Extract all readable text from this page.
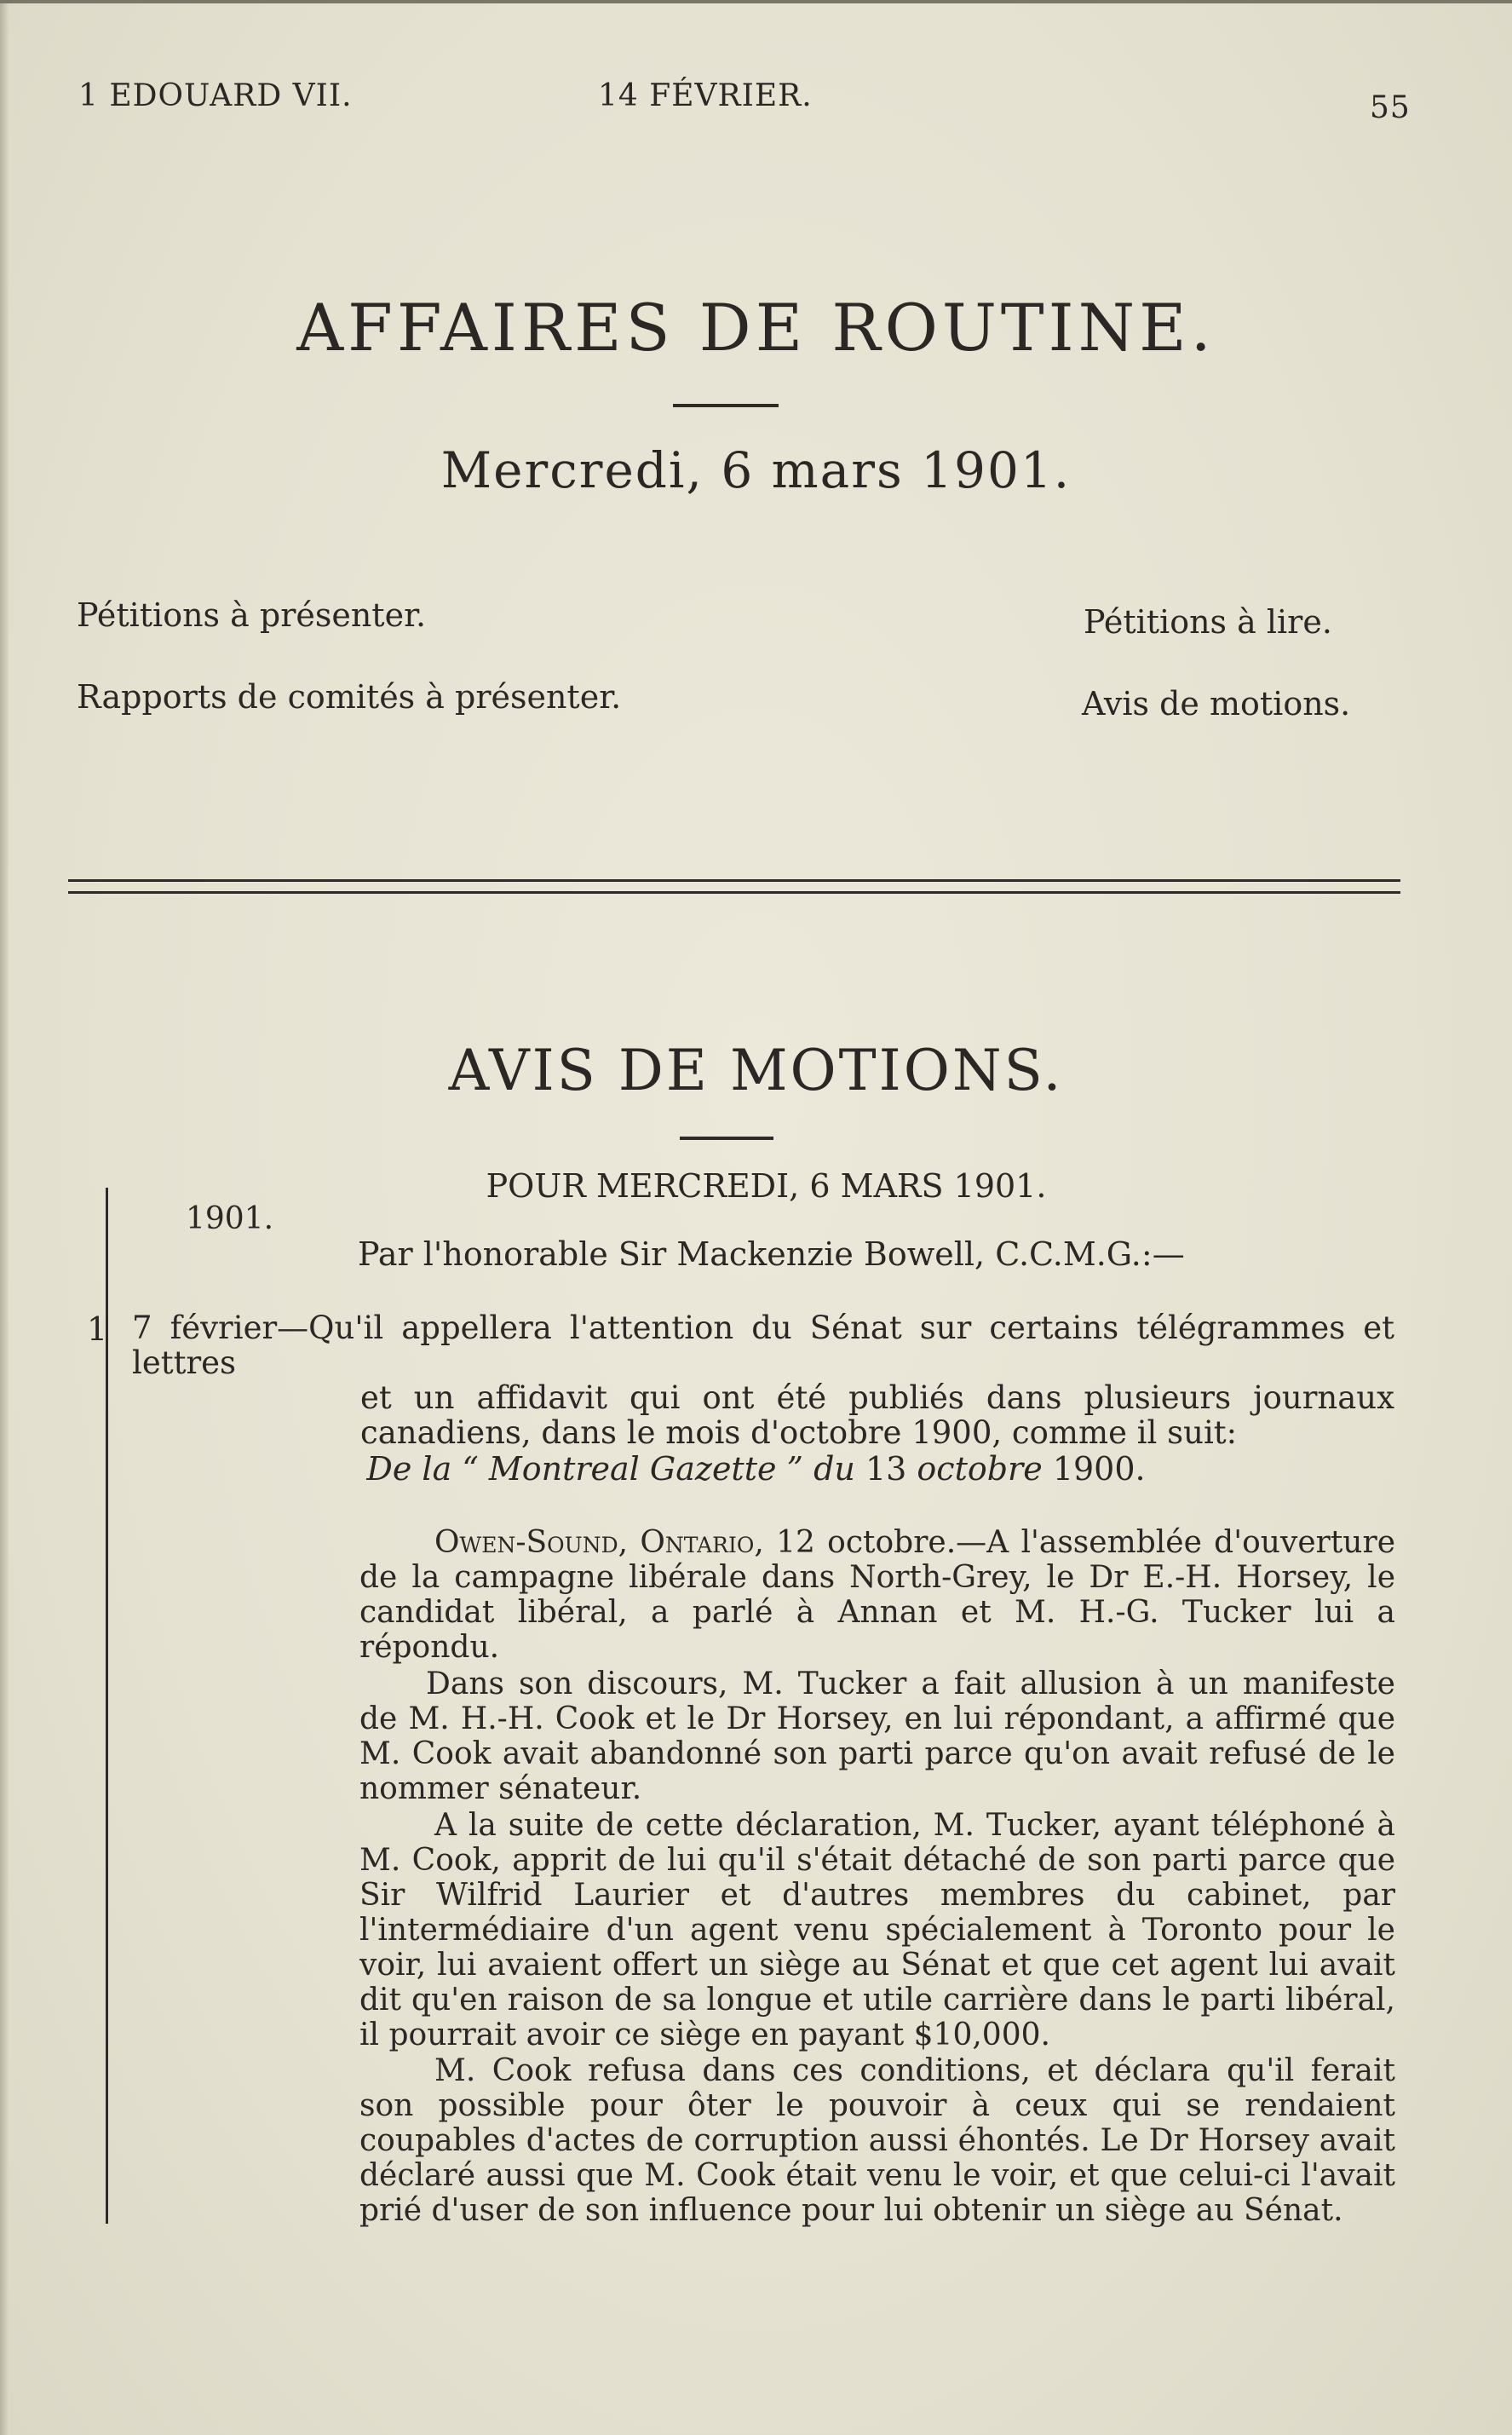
1 EDOUARD VII.	14 FÉVRIER.	55
AFFAIRES DE ROUTINE.
Mercredi, 6 mars 1901.
Pétitions à présenter.	Pétitions à lire.
Rapports de comités à présenter.	Avis de motions.
AVIS DE MOTIONS.
POUR MERCREDI, 6 MARS 1901.
1901.
Par l'honorable Sir Mackenzie Bowell, C.C.M.G.:—
1 7 février—Qu'il appellera l'attention du Sénat sur certains télégrammes et lettres
et un affidavit qui ont été publiés dans plusieurs journaux canadiens, dans le mois d'octobre 1900, comme il suit:

De la “ Montreal Gazette ” du 13 octobre 1900.

Owen-Sound, Ontario, 12 octobre.—A l'assemblée d'ouverture de la campagne libérale dans North-Grey, le Dr E.-H. Horsey, le candidat libéral, a parlé à Annan et M. H.-G. Tucker lui a répondu.

Dans son discours, M. Tucker a fait allusion à un manifeste de M. H.-H. Cook et le Dr Horsey, en lui répondant, a affirmé que M. Cook avait abandonné son parti parce qu'on avait refusé de le nommer sénateur.

A la suite de cette déclaration, M. Tucker, ayant téléphoné à M. Cook, apprit de lui qu'il s'était détaché de son parti parce que Sir Wilfrid Laurier et d'autres membres du cabinet, par l'intermédiaire d'un agent venu spécialement à Toronto pour le voir, lui avaient offert un siège au Sénat et que cet agent lui avait dit qu'en raison de sa longue et utile carrière dans le parti libéral, il pourrait avoir ce siège en payant $10,000.

M. Cook refusa dans ces conditions, et déclara qu'il ferait son possible pour ôter le pouvoir à ceux qui se rendaient coupables d'actes de corruption aussi éhontés. Le Dr Horsey avait déclaré aussi que M. Cook était venu le voir, et que celui-ci l'avait prié d'user de son influence pour lui obtenir un siège au Sénat.
